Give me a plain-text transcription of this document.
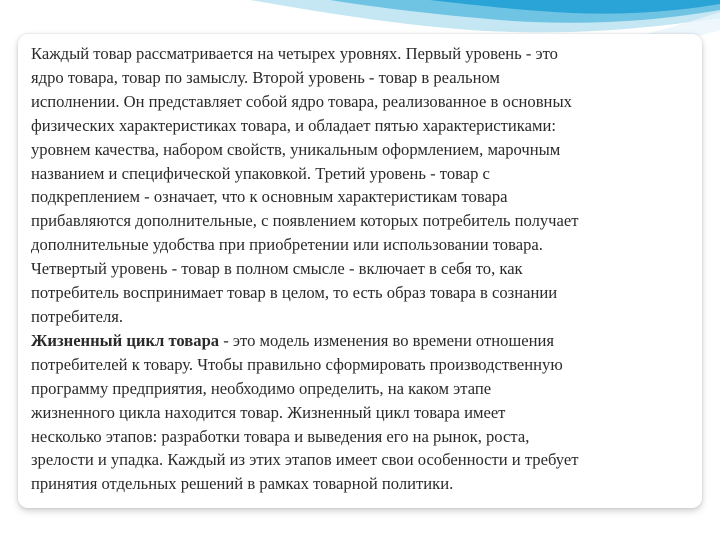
Каждый товар рассматривается на четырех уровнях. Первый уровень - это
ядро товара, товар по замыслу. Второй уровень - товар в реальном
исполнении. Он представляет собой ядро товара, реализованное в основных
физических характеристиках товара, и обладает пятью характеристиками:
уровнем качества, набором свойств, уникальным оформлением, марочным
названием и специфической упаковкой. Третий уровень - товар с
подкреплением - означает, что к основным характеристикам товара
прибавляются дополнительные, с появлением которых потребитель получает
дополнительные удобства при приобретении или использовании товара.
Четвертый уровень - товар в полном смысле - включает в себя то, как
потребитель воспринимает товар в целом, то есть образ товара в сознании
потребителя.
Жизненный цикл товара - это модель изменения во времени отношения
потребителей к товару. Чтобы правильно сформировать производственную
программу предприятия, необходимо определить, на каком этапе
жизненного цикла находится товар. Жизненный цикл товара имеет
несколько этапов: разработки товара и выведения его на рынок, роста,
зрелости и упадка. Каждый из этих этапов имеет свои особенности и требует
принятия отдельных решений в рамках товарной политики.
